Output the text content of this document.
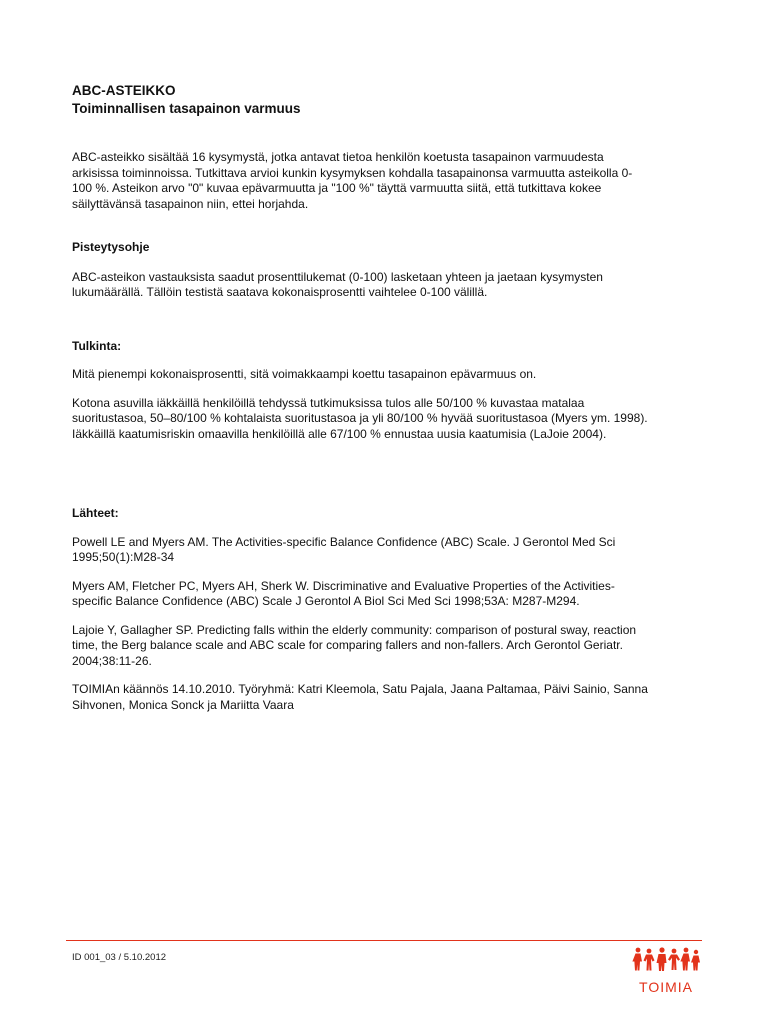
ABC-ASTEIKKO

Toiminnallisen tasapainon varmuus

ABC-asteikko sisältää 16 kysymystä, jotka antavat tietoa henkilön koetusta tasapainon varmuudesta

arkisissa toiminnoissa. Tutkittava arvioi kunkin kysymyksen kohdalla tasapainonsa varmuutta asteikolla 0-

100 %. Asteikon arvo "0" kuvaa epävarmuutta ja "100 %" täyttä varmuutta siitä, että tutkittava kokee

säilyttävänsä tasapainon niin, ettei horjahda.

Pisteytysohje

ABC-asteikon vastauksista saadut prosenttilukemat (0-100) lasketaan yhteen ja jaetaan kysymysten

lukumäärällä. Tällöin testistä saatava kokonaisprosentti vaihtelee 0-100 välillä.

Tulkinta:

Mitä pienempi kokonaisprosentti, sitä voimakkaampi koettu tasapainon epävarmuus on.

Kotona asuvilla iäkkäillä henkilöillä tehdyssä tutkimuksissa tulos alle 50/100 % kuvastaa matalaa

suoritustasoa, 50–80/100 % kohtalaista suoritustasoa ja yli 80/100 % hyvää suoritustasoa (Myers ym. 1998).

Iäkkäillä kaatumisriskin omaavilla henkilöillä alle 67/100 % ennustaa uusia kaatumisia (LaJoie 2004).

Lähteet:

Powell LE and Myers AM. The Activities-specific Balance Confidence (ABC) Scale. J Gerontol Med Sci

1995;50(1):M28-34

Myers AM, Fletcher PC, Myers AH, Sherk W. Discriminative and Evaluative Properties of the Activities-

specific Balance Confidence (ABC) Scale J Gerontol A Biol Sci Med Sci 1998;53A: M287-M294.

Lajoie Y, Gallagher SP. Predicting falls within the elderly community: comparison of postural sway, reaction

time, the Berg balance scale and ABC scale for comparing fallers and non-fallers. Arch Gerontol Geriatr.

2004;38:11-26.

TOIMIAn käännös 14.10.2010. Työryhmä: Katri Kleemola, Satu Pajala, Jaana Paltamaa, Päivi Sainio, Sanna

Sihvonen, Monica Sonck ja Mariitta Vaara

ID 001_03 / 5.10.2012
TOIMIA
